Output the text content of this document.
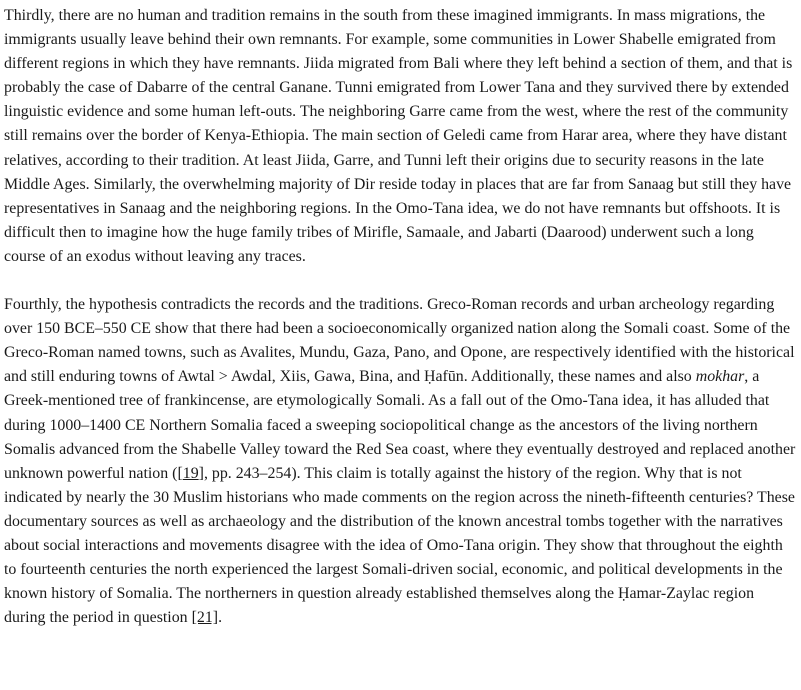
Thirdly, there are no human and tradition remains in the south from these imagined immigrants. In mass migrations, the immigrants usually leave behind their own remnants. For example, some communities in Lower Shabelle emigrated from different regions in which they have remnants. Jiida migrated from Bali where they left behind a section of them, and that is probably the case of Dabarre of the central Ganane. Tunni emigrated from Lower Tana and they survived there by extended linguistic evidence and some human left-outs. The neighboring Garre came from the west, where the rest of the community still remains over the border of Kenya-Ethiopia. The main section of Geledi came from Harar area, where they have distant relatives, according to their tradition. At least Jiida, Garre, and Tunni left their origins due to security reasons in the late Middle Ages. Similarly, the overwhelming majority of Dir reside today in places that are far from Sanaag but still they have representatives in Sanaag and the neighboring regions. In the Omo-Tana idea, we do not have remnants but offshoots. It is difficult then to imagine how the huge family tribes of Mirifle, Samaale, and Jabarti (Daarood) underwent such a long course of an exodus without leaving any traces.

Fourthly, the hypothesis contradicts the records and the traditions. Greco-Roman records and urban archeology regarding over 150 BCE–550 CE show that there had been a socioeconomically organized nation along the Somali coast. Some of the Greco-Roman named towns, such as Avalites, Mundu, Gaza, Pano, and Opone, are respectively identified with the historical and still enduring towns of Awtal > Awdal, Xiis, Gawa, Bina, and Ḥafūn. Additionally, these names and also mokhar, a Greek-mentioned tree of frankincense, are etymologically Somali. As a fall out of the Omo-Tana idea, it has alluded that during 1000–1400 CE Northern Somalia faced a sweeping sociopolitical change as the ancestors of the living northern Somalis advanced from the Shabelle Valley toward the Red Sea coast, where they eventually destroyed and replaced another unknown powerful nation ([19], pp. 243–254). This claim is totally against the history of the region. Why that is not indicated by nearly the 30 Muslim historians who made comments on the region across the nineth-fifteenth centuries? These documentary sources as well as archaeology and the distribution of the known ancestral tombs together with the narratives about social interactions and movements disagree with the idea of Omo-Tana origin. They show that throughout the eighth to fourteenth centuries the north experienced the largest Somali-driven social, economic, and political developments in the known history of Somalia. The northerners in question already established themselves along the Ḥamar-Zaylac region during the period in question [21].
